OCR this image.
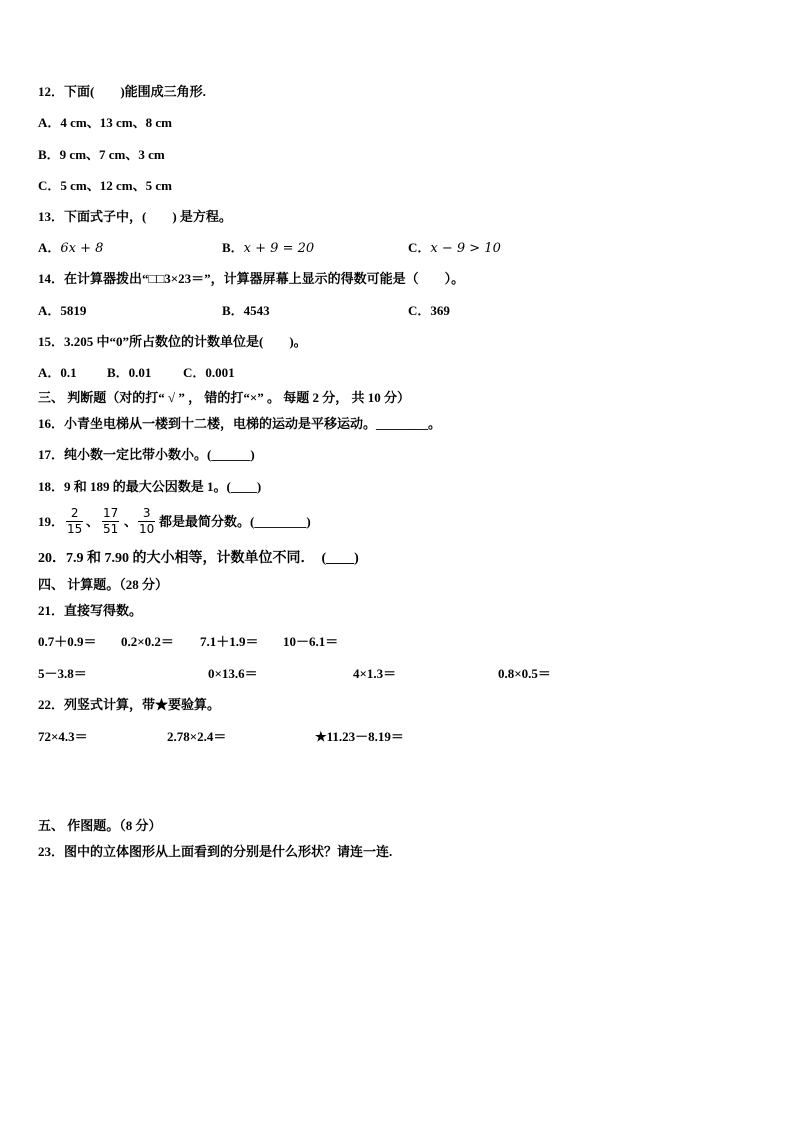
12．下面(　　)能围成三角形.
A．4 cm、13 cm、8 cm
B．9 cm、7 cm、3 cm
C．5 cm、12 cm、5 cm
13．下面式子中，(　　) 是方程。
A．6x + 8	B．x + 9 = 20	C．x − 9 > 10
14．在计算器拨出“□□3×23＝”，计算器屏幕上显示的得数可能是（　　）。
A．5819	B．4543	C．369
15．3.205 中“0”所占数位的计数单位是(　　)。
A．0.1 B．0.01 C．0.001
三、 判断题（对的打“ √ ” ， 错的打“×” 。 每题 2 分， 共 10 分）
16．小青坐电梯从一楼到十二楼，电梯的运动是平移运动。________。
17．纯小数一定比带小数小。(______)
18．9 和 189 的最大公因数是 1。(____)
19． $\frac{2}{15}$ 、 $\frac{17}{51}$ 、 $\frac{3}{10}$ 都是最简分数。(________)
20．7.9 和 7.90 的大小相等，计数单位不同．　(____)
四、 计算题。（28 分）
21．直接写得数。
0.7＋0.9＝ 0.2×0.2＝ 7.1＋1.9＝ 10－6.1＝
5－3.8＝	0×13.6＝	4×1.3＝	0.8×0.5＝
22．列竖式计算，带★要验算。
72×4.3＝	2.78×2.4＝	★11.23－8.19＝
五、 作图题。（8 分）
23．图中的立体图形从上面看到的分别是什么形状？请连一连.
